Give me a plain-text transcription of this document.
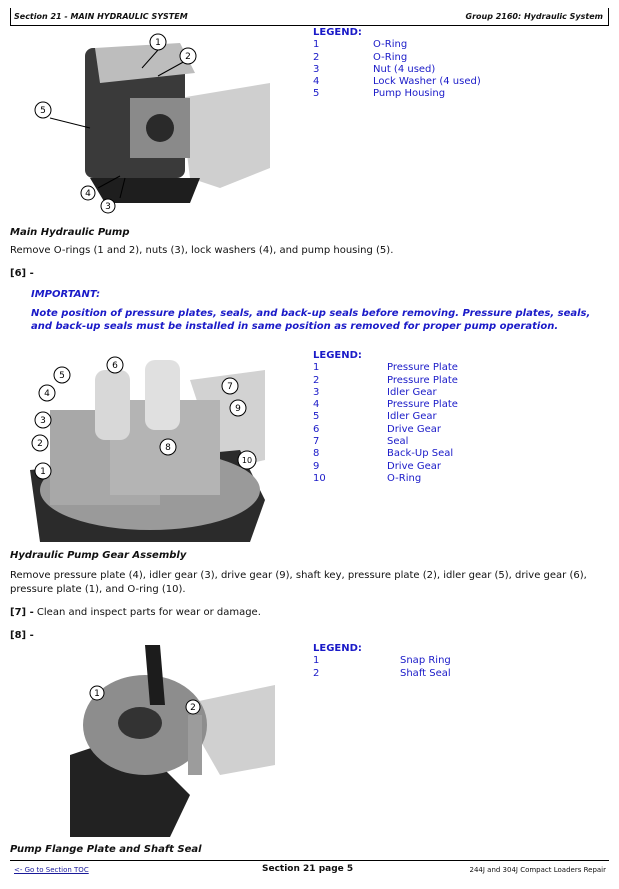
Section 21 - MAIN HYDRAULIC SYSTEM	Group 2160: Hydraulic System
1
2
3
4
5
LEGEND:
1	O-Ring
2	O-Ring
3	Nut (4 used)
4	Lock Washer (4 used)
5	Pump Housing
Main Hydraulic Pump
Remove O-rings (1 and 2), nuts (3), lock washers (4), and pump housing (5).
[6] -
IMPORTANT:
Note position of pressure plates, seals, and back-up seals before removing. Pressure plates, seals, and back-up seals must be installed in same position as removed for proper pump operation.
1
2
3
4
5
6
7
8
9
10
LEGEND:
1	Pressure Plate
2	Pressure Plate
3	Idler Gear
4	Pressure Plate
5	Idler Gear
6	Drive Gear
7	Seal
8	Back-Up Seal
9	Drive Gear
10	O-Ring
Hydraulic Pump Gear Assembly
Remove pressure plate (4), idler gear (3), drive gear (9), shaft key, pressure plate (2), idler gear (5), drive gear (6), pressure plate (1), and O-ring (10).
[7] - Clean and inspect parts for wear or damage.
[8] -
1
2
LEGEND:
1	Snap Ring
2	Shaft Seal
Pump Flange Plate and Shaft Seal
<- Go to Section TOC	Section 21 page 5	244J and 304J Compact Loaders Repair
